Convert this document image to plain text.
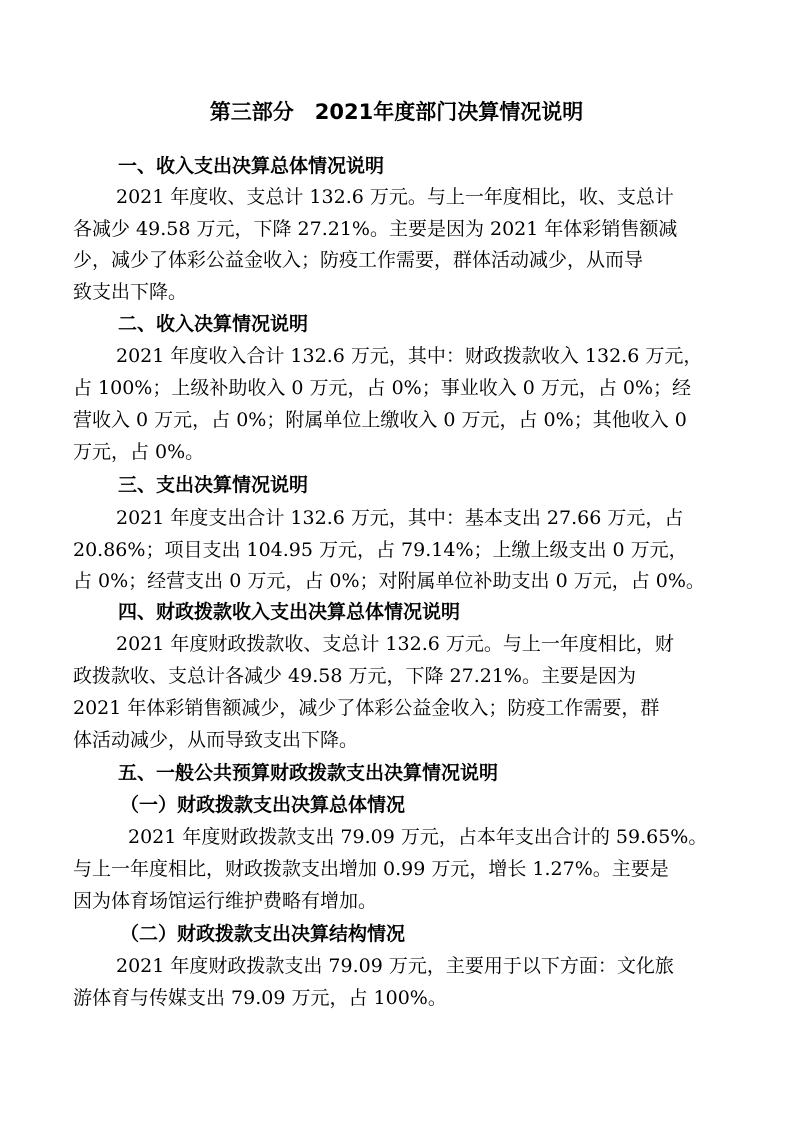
第三部分　2021年度部门决算情况说明
一、收入支出决算总体情况说明
2021 年度收、支总计 132.6 万元。与上一年度相比，收、支总计
各减少 49.58 万元，下降 27.21%。主要是因为 2021 年体彩销售额减
少，减少了体彩公益金收入；防疫工作需要，群体活动减少，从而导
致支出下降。
二、收入决算情况说明
2021 年度收入合计 132.6 万元，其中：财政拨款收入 132.6 万元，
占 100%；上级补助收入 0 万元，占 0%；事业收入 0 万元，占 0%；经
营收入 0 万元，占 0%；附属单位上缴收入 0 万元，占 0%；其他收入 0
万元，占 0%。
三、支出决算情况说明
2021 年度支出合计 132.6 万元，其中：基本支出 27.66 万元，占
20.86%；项目支出 104.95 万元，占 79.14%；上缴上级支出 0 万元，
占 0%；经营支出 0 万元，占 0%；对附属单位补助支出 0 万元，占 0%。
四、财政拨款收入支出决算总体情况说明
2021 年度财政拨款收、支总计 132.6 万元。与上一年度相比，财
政拨款收、支总计各减少 49.58 万元，下降 27.21%。主要是因为
2021 年体彩销售额减少，减少了体彩公益金收入；防疫工作需要，群
体活动减少，从而导致支出下降。
五、一般公共预算财政拨款支出决算情况说明
（一）财政拨款支出决算总体情况
2021 年度财政拨款支出 79.09 万元，占本年支出合计的 59.65%。
与上一年度相比，财政拨款支出增加 0.99 万元，增长 1.27%。主要是
因为体育场馆运行维护费略有增加。
（二）财政拨款支出决算结构情况
2021 年度财政拨款支出 79.09 万元，主要用于以下方面：文化旅
游体育与传媒支出 79.09 万元，占 100%。
